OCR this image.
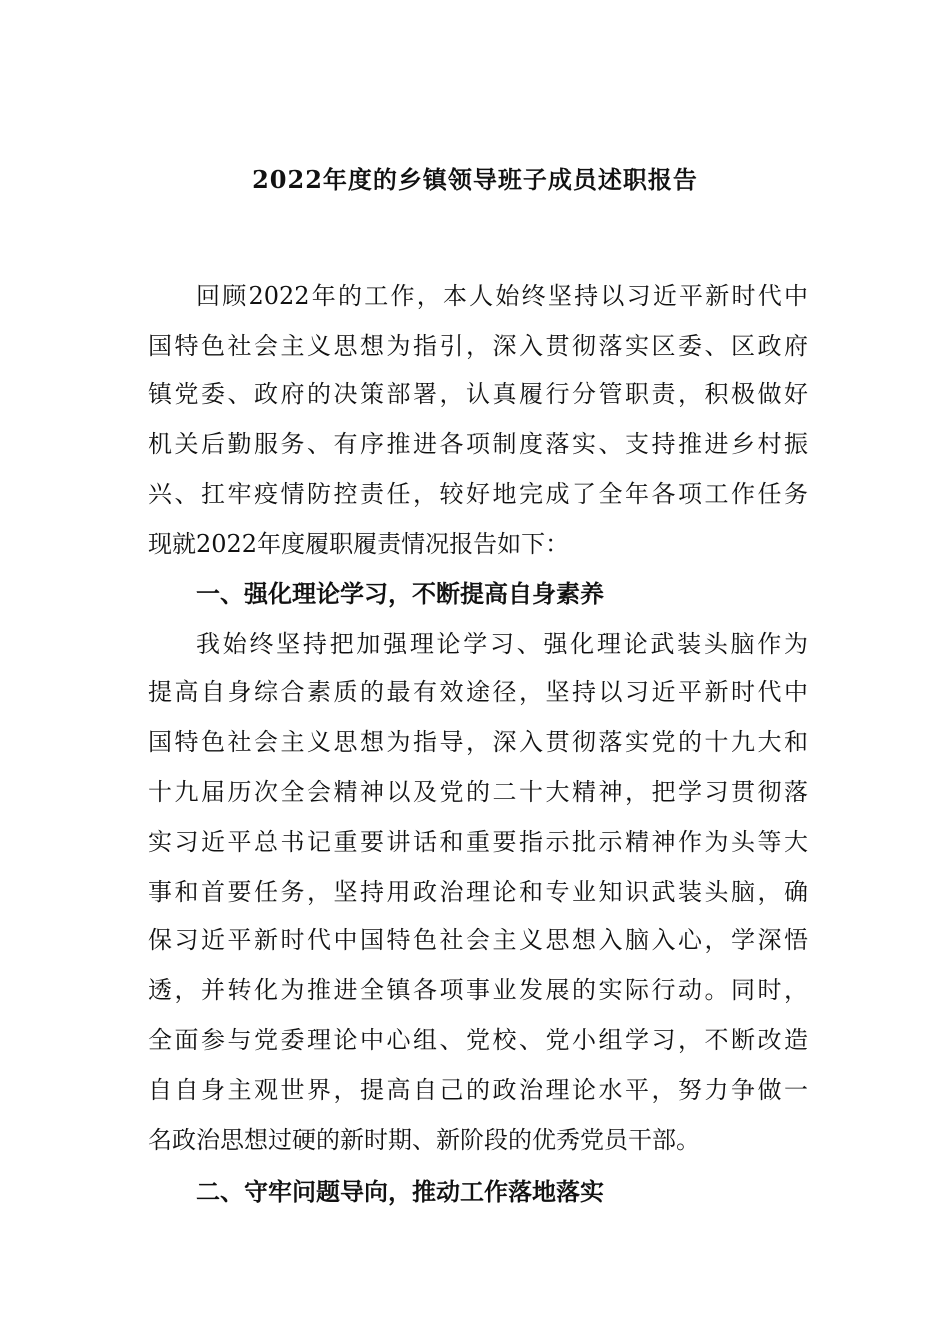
2022年度的乡镇领导班子成员述职报告
回顾2022年的工作，本人始终坚持以习近平新时代中
国特色社会主义思想为指引，深入贯彻落实区委、区政府
镇党委、政府的决策部署，认真履行分管职责，积极做好
机关后勤服务、有序推进各项制度落实、支持推进乡村振
兴、扛牢疫情防控责任，较好地完成了全年各项工作任务
现就2022年度履职履责情况报告如下：
一、强化理论学习，不断提高自身素养
我始终坚持把加强理论学习、强化理论武装头脑作为
提高自身综合素质的最有效途径，坚持以习近平新时代中
国特色社会主义思想为指导，深入贯彻落实党的十九大和
十九届历次全会精神以及党的二十大精神，把学习贯彻落
实习近平总书记重要讲话和重要指示批示精神作为头等大
事和首要任务，坚持用政治理论和专业知识武装头脑，确
保习近平新时代中国特色社会主义思想入脑入心，学深悟
透，并转化为推进全镇各项事业发展的实际行动。同时，
全面参与党委理论中心组、党校、党小组学习，不断改造
自自身主观世界，提高自己的政治理论水平，努力争做一
名政治思想过硬的新时期、新阶段的优秀党员干部。
二、守牢问题导向，推动工作落地落实
